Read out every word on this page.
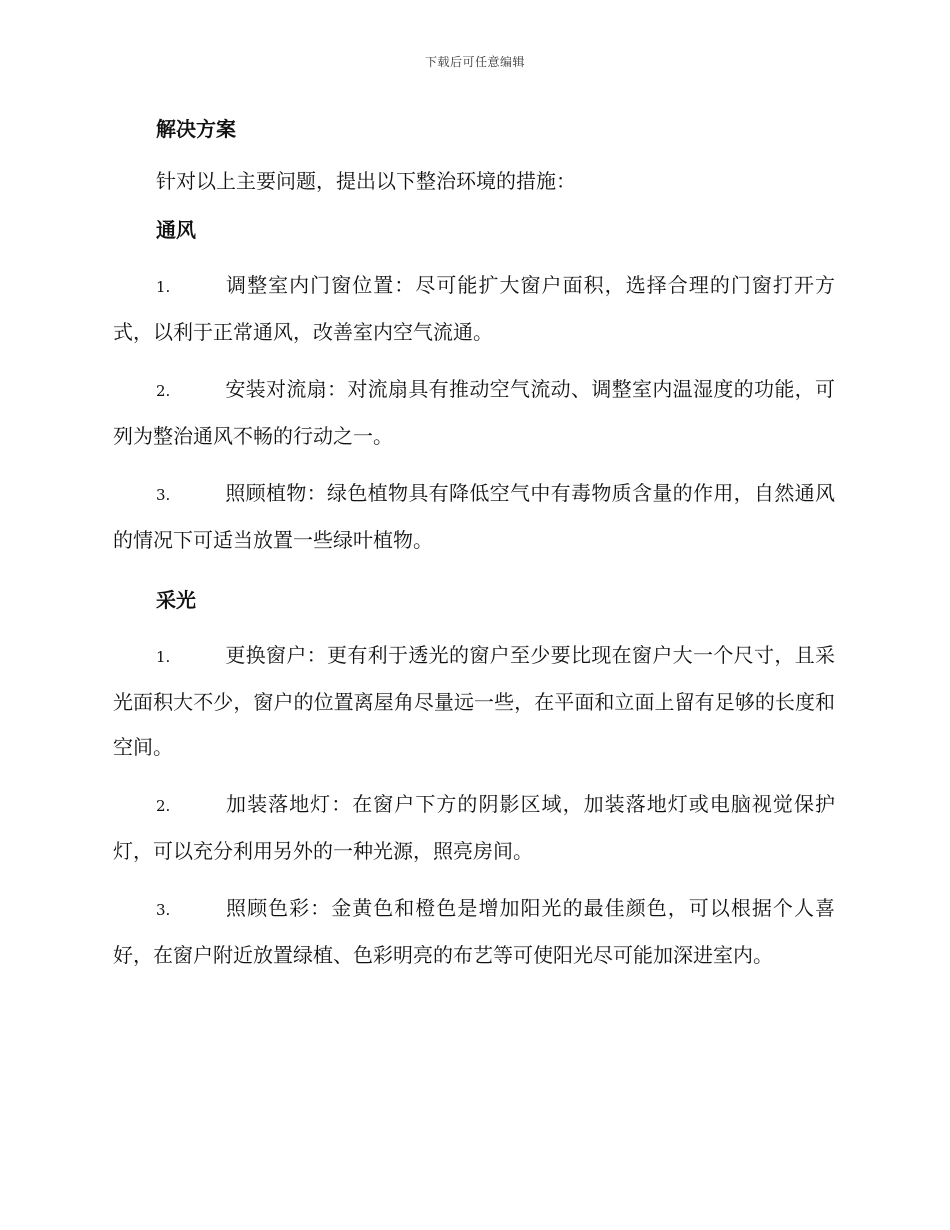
下载后可任意编辑
解决方案

针对以上主要问题，提出以下整治环境的措施：

通风

1.	调整室内门窗位置：尽可能扩大窗户面积，选择合理的门窗打开方式，以利于正常通风，改善室内空气流通。

2.	安装对流扇：对流扇具有推动空气流动、调整室内温湿度的功能，可列为整治通风不畅的行动之一。

3.	照顾植物：绿色植物具有降低空气中有毒物质含量的作用，自然通风的情况下可适当放置一些绿叶植物。

采光

1.	更换窗户：更有利于透光的窗户至少要比现在窗户大一个尺寸，且采光面积大不少，窗户的位置离屋角尽量远一些，在平面和立面上留有足够的长度和空间。

2.	加装落地灯：在窗户下方的阴影区域，加装落地灯或电脑视觉保护灯，可以充分利用另外的一种光源，照亮房间。

3.	照顾色彩：金黄色和橙色是增加阳光的最佳颜色，可以根据个人喜好，在窗户附近放置绿植、色彩明亮的布艺等可使阳光尽可能加深进室内。
